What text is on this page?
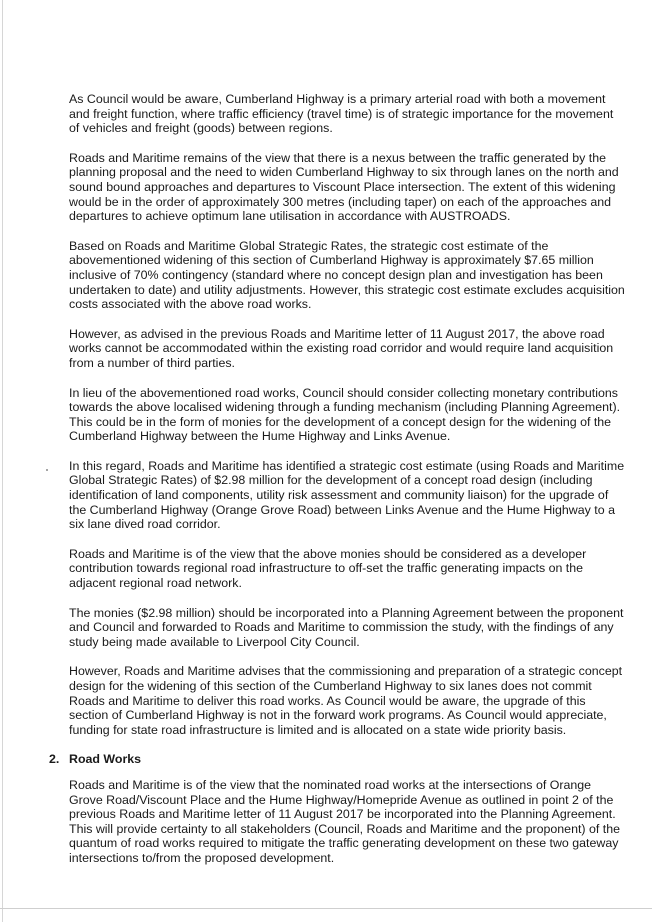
As Council would be aware, Cumberland Highway is a primary arterial road with both a movement and freight function, where traffic efficiency (travel time) is of strategic importance for the movement of vehicles and freight (goods) between regions.

Roads and Maritime remains of the view that there is a nexus between the traffic generated by the planning proposal and the need to widen Cumberland Highway to six through lanes on the north and sound bound approaches and departures to Viscount Place intersection. The extent of this widening would be in the order of approximately 300 metres (including taper) on each of the approaches and departures to achieve optimum lane utilisation in accordance with AUSTROADS.

Based on Roads and Maritime Global Strategic Rates, the strategic cost estimate of the abovementioned widening of this section of Cumberland Highway is approximately $7.65 million inclusive of 70% contingency (standard where no concept design plan and investigation has been undertaken to date) and utility adjustments. However, this strategic cost estimate excludes acquisition costs associated with the above road works.

However, as advised in the previous Roads and Maritime letter of 11 August 2017, the above road works cannot be accommodated within the existing road corridor and would require land acquisition from a number of third parties.

In lieu of the abovementioned road works, Council should consider collecting monetary contributions towards the above localised widening through a funding mechanism (including Planning Agreement). This could be in the form of monies for the development of a concept design for the widening of the Cumberland Highway between the Hume Highway and Links Avenue.

In this regard, Roads and Maritime has identified a strategic cost estimate (using Roads and Maritime Global Strategic Rates) of $2.98 million for the development of a concept road design (including identification of land components, utility risk assessment and community liaison) for the upgrade of the Cumberland Highway (Orange Grove Road) between Links Avenue and the Hume Highway to a six lane dived road corridor.

Roads and Maritime is of the view that the above monies should be considered as a developer contribution towards regional road infrastructure to off-set the traffic generating impacts on the adjacent regional road network.

The monies ($2.98 million) should be incorporated into a Planning Agreement between the proponent and Council and forwarded to Roads and Maritime to commission the study, with the findings of any study being made available to Liverpool City Council.

However, Roads and Maritime advises that the commissioning and preparation of a strategic concept design for the widening of this section of the Cumberland Highway to six lanes does not commit Roads and Maritime to deliver this road works. As Council would be aware, the upgrade of this section of Cumberland Highway is not in the forward work programs. As Council would appreciate, funding for state road infrastructure is limited and is allocated on a state wide priority basis.

2. Road Works

Roads and Maritime is of the view that the nominated road works at the intersections of Orange Grove Road/Viscount Place and the Hume Highway/Homepride Avenue as outlined in point 2 of the previous Roads and Maritime letter of 11 August 2017 be incorporated into the Planning Agreement. This will provide certainty to all stakeholders (Council, Roads and Maritime and the proponent) of the quantum of road works required to mitigate the traffic generating development on these two gateway intersections to/from the proposed development.
